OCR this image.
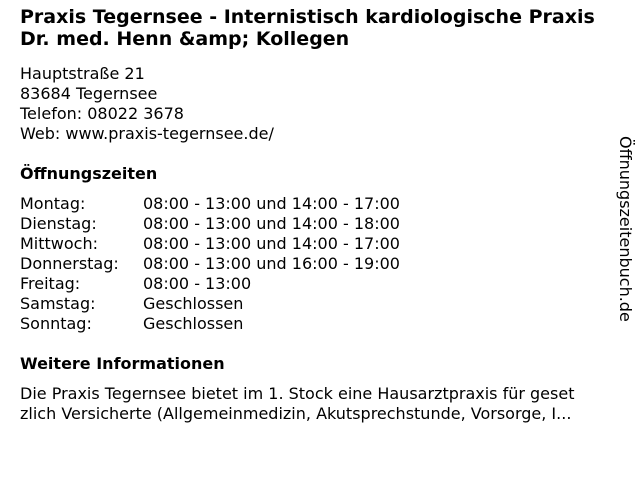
Praxis Tegernsee - Internistisch kardiologische Praxis
Dr. med. Henn &amp; Kollegen
Hauptstraße 21
83684 Tegernsee
Telefon: 08022 3678
Web: www.praxis-tegernsee.de/
Öffnungszeiten
Montag:	08:00 - 13:00 und 14:00 - 17:00
Dienstag:	08:00 - 13:00 und 14:00 - 18:00
Mittwoch:	08:00 - 13:00 und 14:00 - 17:00
Donnerstag:	08:00 - 13:00 und 16:00 - 19:00
Freitag:	08:00 - 13:00
Samstag:	Geschlossen
Sonntag:	Geschlossen
Weitere Informationen
Die Praxis Tegernsee bietet im 1. Stock eine Hausarztpraxis für geset
zlich Versicherte (Allgemeinmedizin, Akutsprechstunde, Vorsorge, I...
Öffnungszeitenbuch.de
